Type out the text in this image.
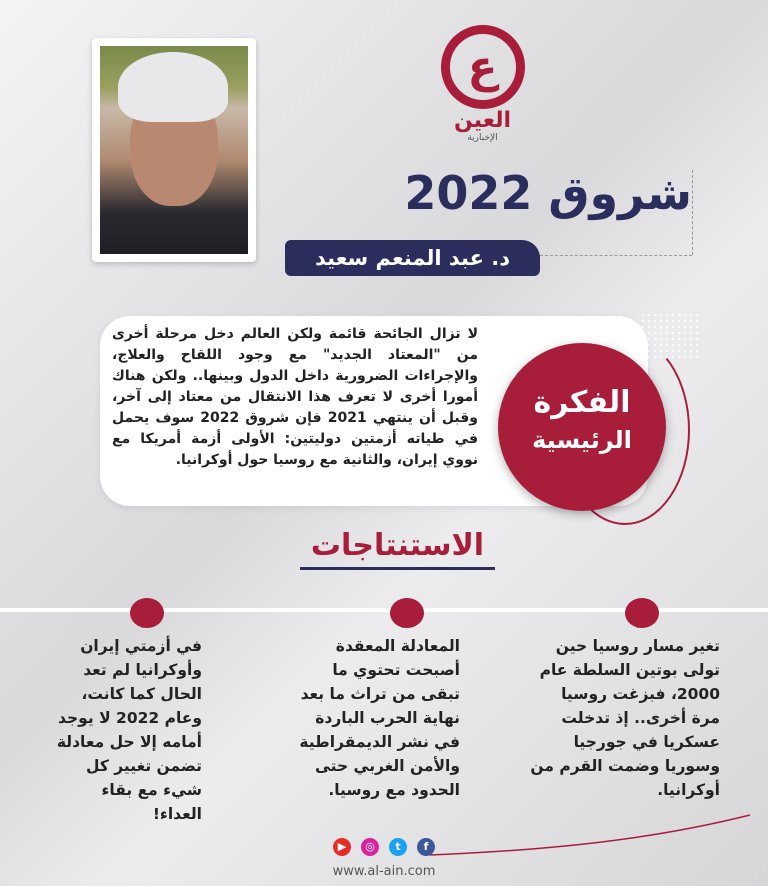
ع
العين
الإخبارية
شروق 2022
د. عبد المنعم سعيد
لا تزال الجائحة قائمة ولكن العالم دخل مرحلة أخرى من "المعتاد الجديد" مع وجود اللقاح والعلاج، والإجراءات الضرورية داخل الدول وبينها.. ولكن هناك أمورا أخرى لا تعرف هذا الانتقال من معتاد إلى آخر، وقبل أن ينتهي 2021 فإن شروق 2022 سوف يحمل في طياته أزمتين دوليتين: الأولى أزمة أمريكا مع نووي إيران، والثانية مع روسيا حول أوكرانيا.
الفكرة
الرئيسية
الاستنتاجات
تغير مسار روسيا حين تولى بوتين السلطة عام 2000، فبزغت روسيا مرة أخرى.. إذ تدخلت عسكريا في جورجيا وسوريا وضمت القرم من أوكرانيا.
المعادلة المعقدة أصبحت تحتوي ما تبقى من تراث ما بعد نهاية الحرب الباردة في نشر الديمقراطية والأمن الغربي حتى الحدود مع روسيا.
في أزمتي إيران وأوكرانيا لم تعد الحال كما كانت، وعام 2022 لا يوجد أمامه إلا حل معادلة تضمن تغيير كل شيء مع بقاء العداء!
▶ ◎ t f
www.al-ain.com
